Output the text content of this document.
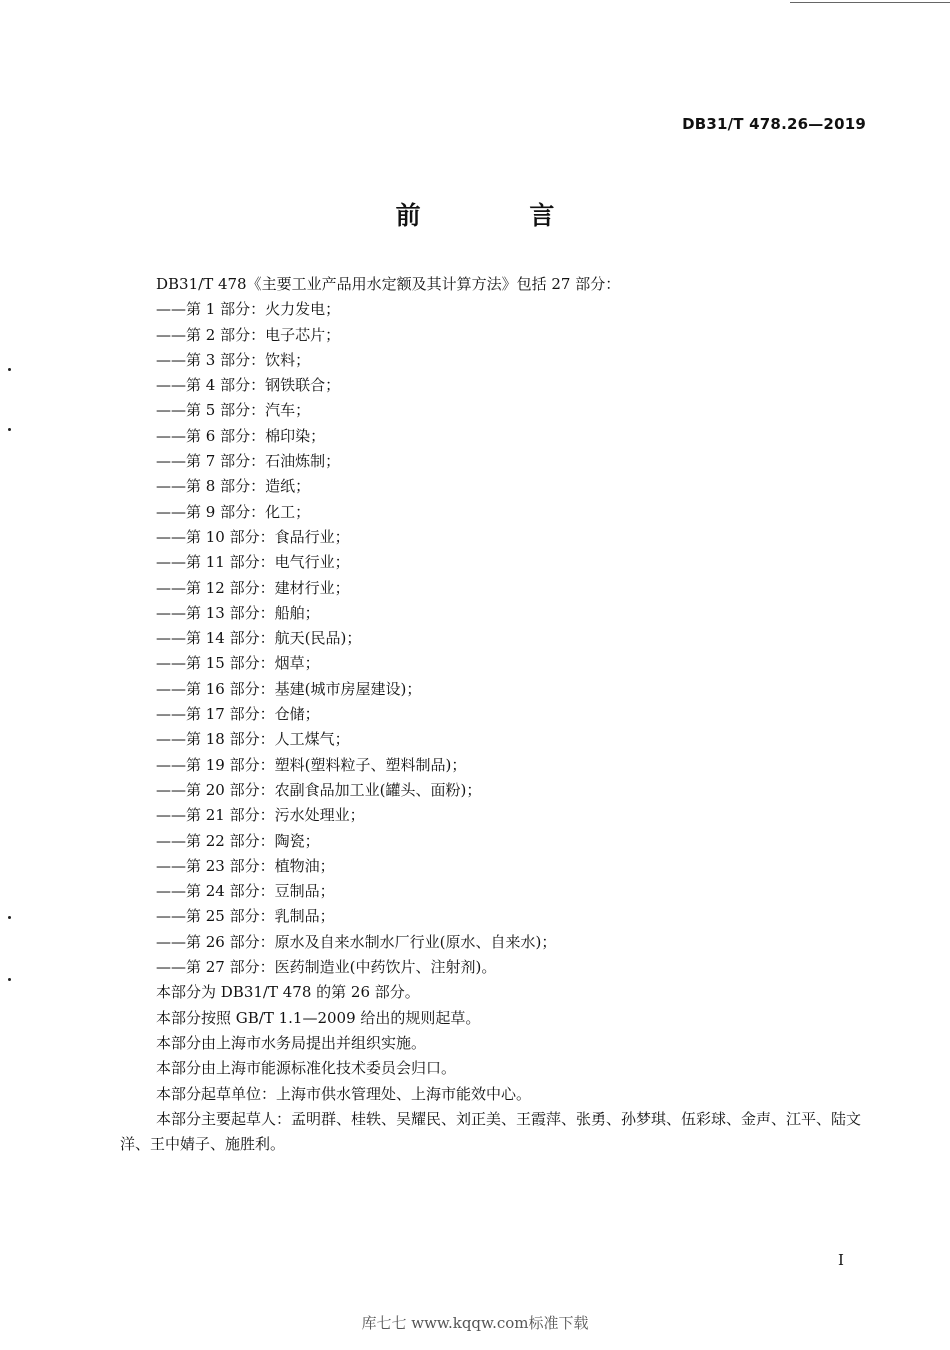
DB31/T 478.26—2019
前 言
DB31/T 478《主要工业产品用水定额及其计算方法》包括 27 部分：
——第 1 部分：火力发电；
——第 2 部分：电子芯片；
——第 3 部分：饮料；
——第 4 部分：钢铁联合；
——第 5 部分：汽车；
——第 6 部分：棉印染；
——第 7 部分：石油炼制；
——第 8 部分：造纸；
——第 9 部分：化工；
——第 10 部分：食品行业；
——第 11 部分：电气行业；
——第 12 部分：建材行业；
——第 13 部分：船舶；
——第 14 部分：航天(民品)；
——第 15 部分：烟草；
——第 16 部分：基建(城市房屋建设)；
——第 17 部分：仓储；
——第 18 部分：人工煤气；
——第 19 部分：塑料(塑料粒子、塑料制品)；
——第 20 部分：农副食品加工业(罐头、面粉)；
——第 21 部分：污水处理业；
——第 22 部分：陶瓷；
——第 23 部分：植物油；
——第 24 部分：豆制品；
——第 25 部分：乳制品；
——第 26 部分：原水及自来水制水厂行业(原水、自来水)；
——第 27 部分：医药制造业(中药饮片、注射剂)。
本部分为 DB31/T 478 的第 26 部分。
本部分按照 GB/T 1.1—2009 给出的规则起草。
本部分由上海市水务局提出并组织实施。
本部分由上海市能源标准化技术委员会归口。
本部分起草单位：上海市供水管理处、上海市能效中心。
本部分主要起草人：孟明群、桂轶、吴耀民、刘正美、王霞萍、张勇、孙梦琪、伍彩球、金声、江平、陆文洋、王中婧子、施胜利。
I
库七七 www.kqqw.com标准下载
